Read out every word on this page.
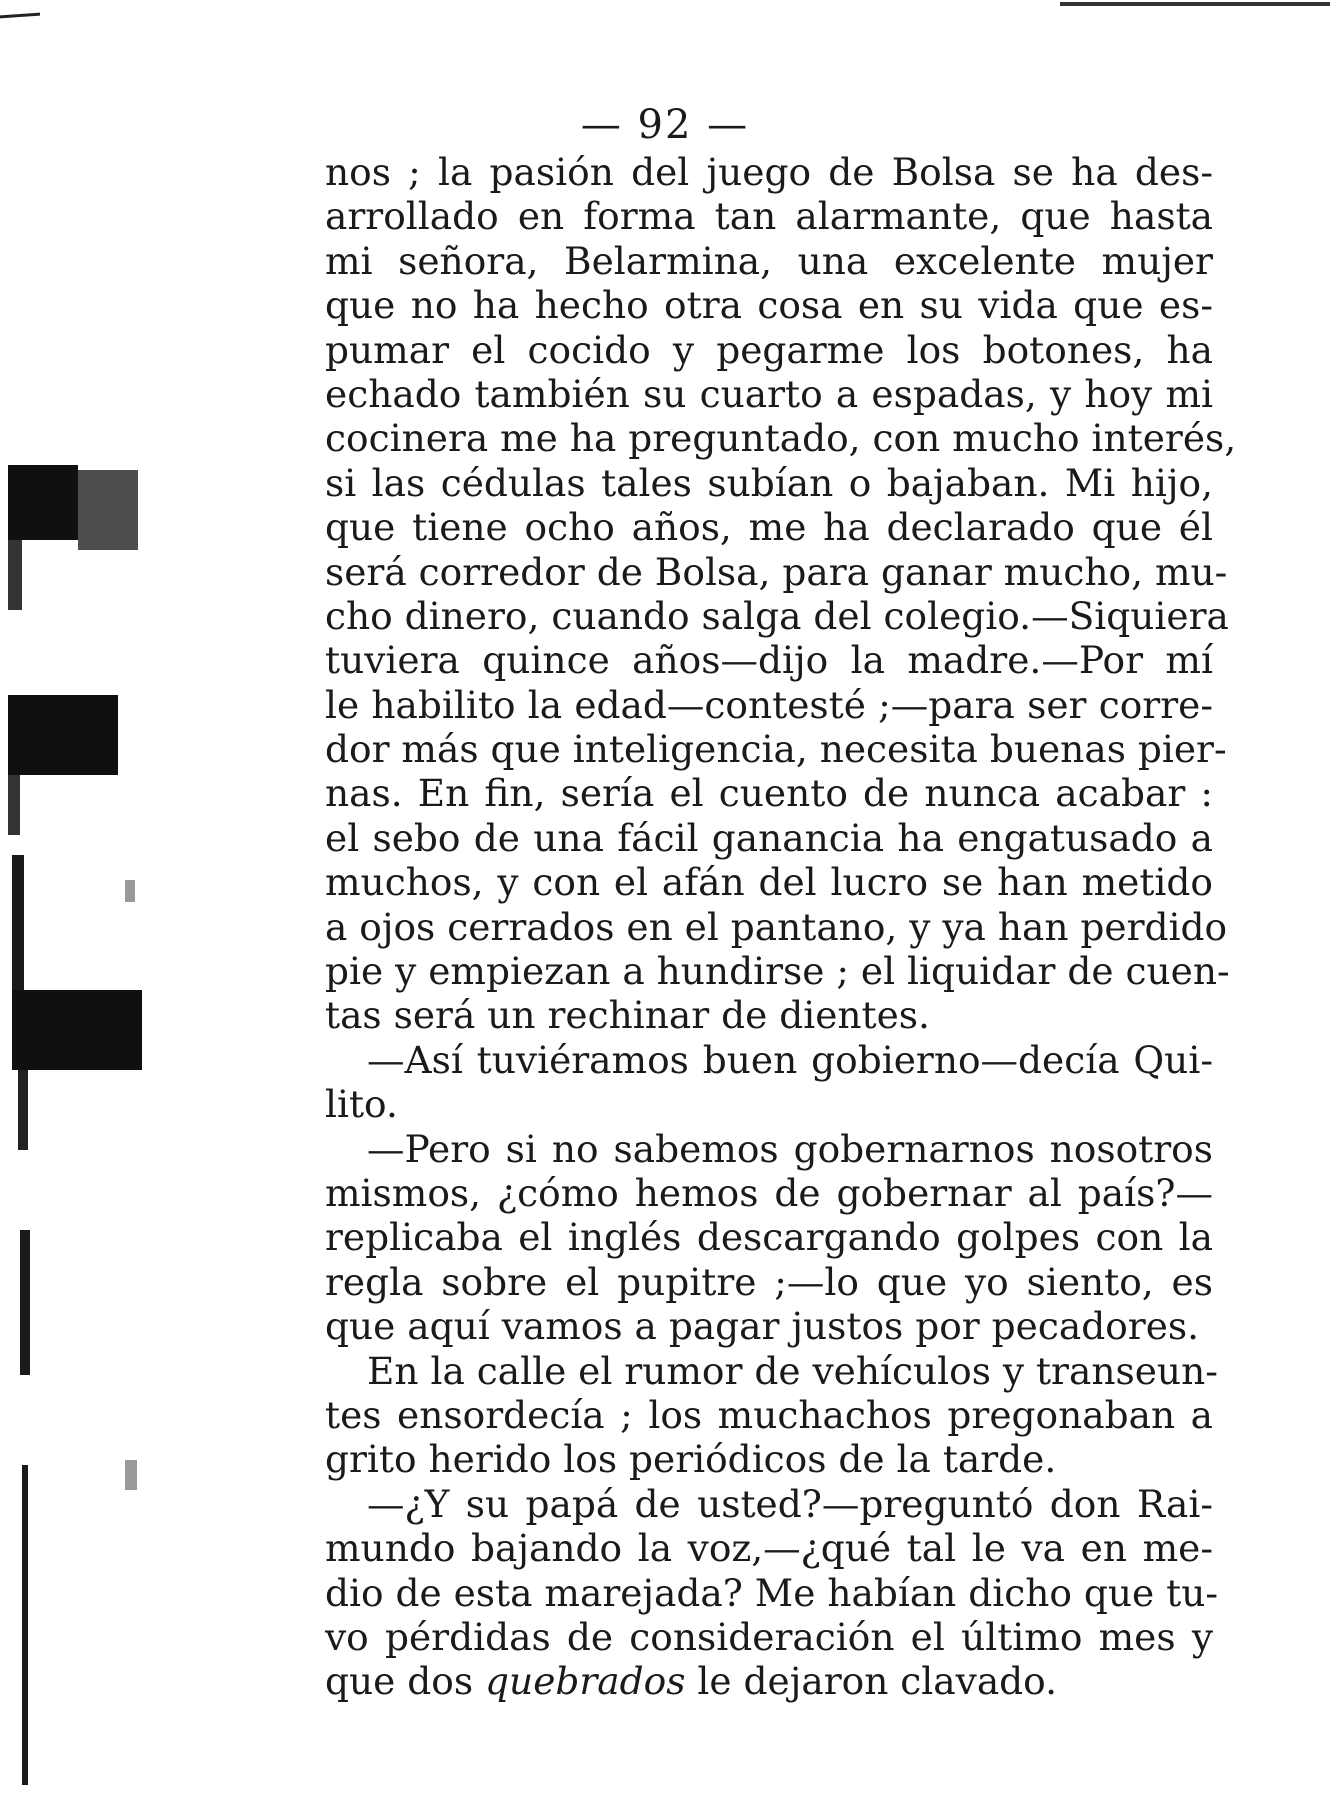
— 92 —
nos ; la pasión del juego de Bolsa se ha des-
arrollado en forma tan alarmante, que hasta
mi señora, Belarmina, una excelente mujer
que no ha hecho otra cosa en su vida que es-
pumar el cocido y pegarme los botones, ha
echado también su cuarto a espadas, y hoy mi
cocinera me ha preguntado, con mucho interés,
si las cédulas tales subían o bajaban. Mi hijo,
que tiene ocho años, me ha declarado que él
será corredor de Bolsa, para ganar mucho, mu-
cho dinero, cuando salga del colegio.—Siquiera
tuviera quince años—dijo la madre.—Por mí
le habilito la edad—contesté ;—para ser corre-
dor más que inteligencia, necesita buenas pier-
nas. En fin, sería el cuento de nunca acabar :
el sebo de una fácil ganancia ha engatusado a
muchos, y con el afán del lucro se han metido
a ojos cerrados en el pantano, y ya han perdido
pie y empiezan a hundirse ; el liquidar de cuen-
tas será un rechinar de dientes.
—Así tuviéramos buen gobierno—decía Qui-
lito.
—Pero si no sabemos gobernarnos nosotros
mismos, ¿cómo hemos de gobernar al país?—
replicaba el inglés descargando golpes con la
regla sobre el pupitre ;—lo que yo siento, es
que aquí vamos a pagar justos por pecadores.
En la calle el rumor de vehículos y transeun-
tes ensordecía ; los muchachos pregonaban a
grito herido los periódicos de la tarde.
—¿Y su papá de usted?—preguntó don Rai-
mundo bajando la voz,—¿qué tal le va en me-
dio de esta marejada? Me habían dicho que tu-
vo pérdidas de consideración el último mes y
que dos quebrados le dejaron clavado.
